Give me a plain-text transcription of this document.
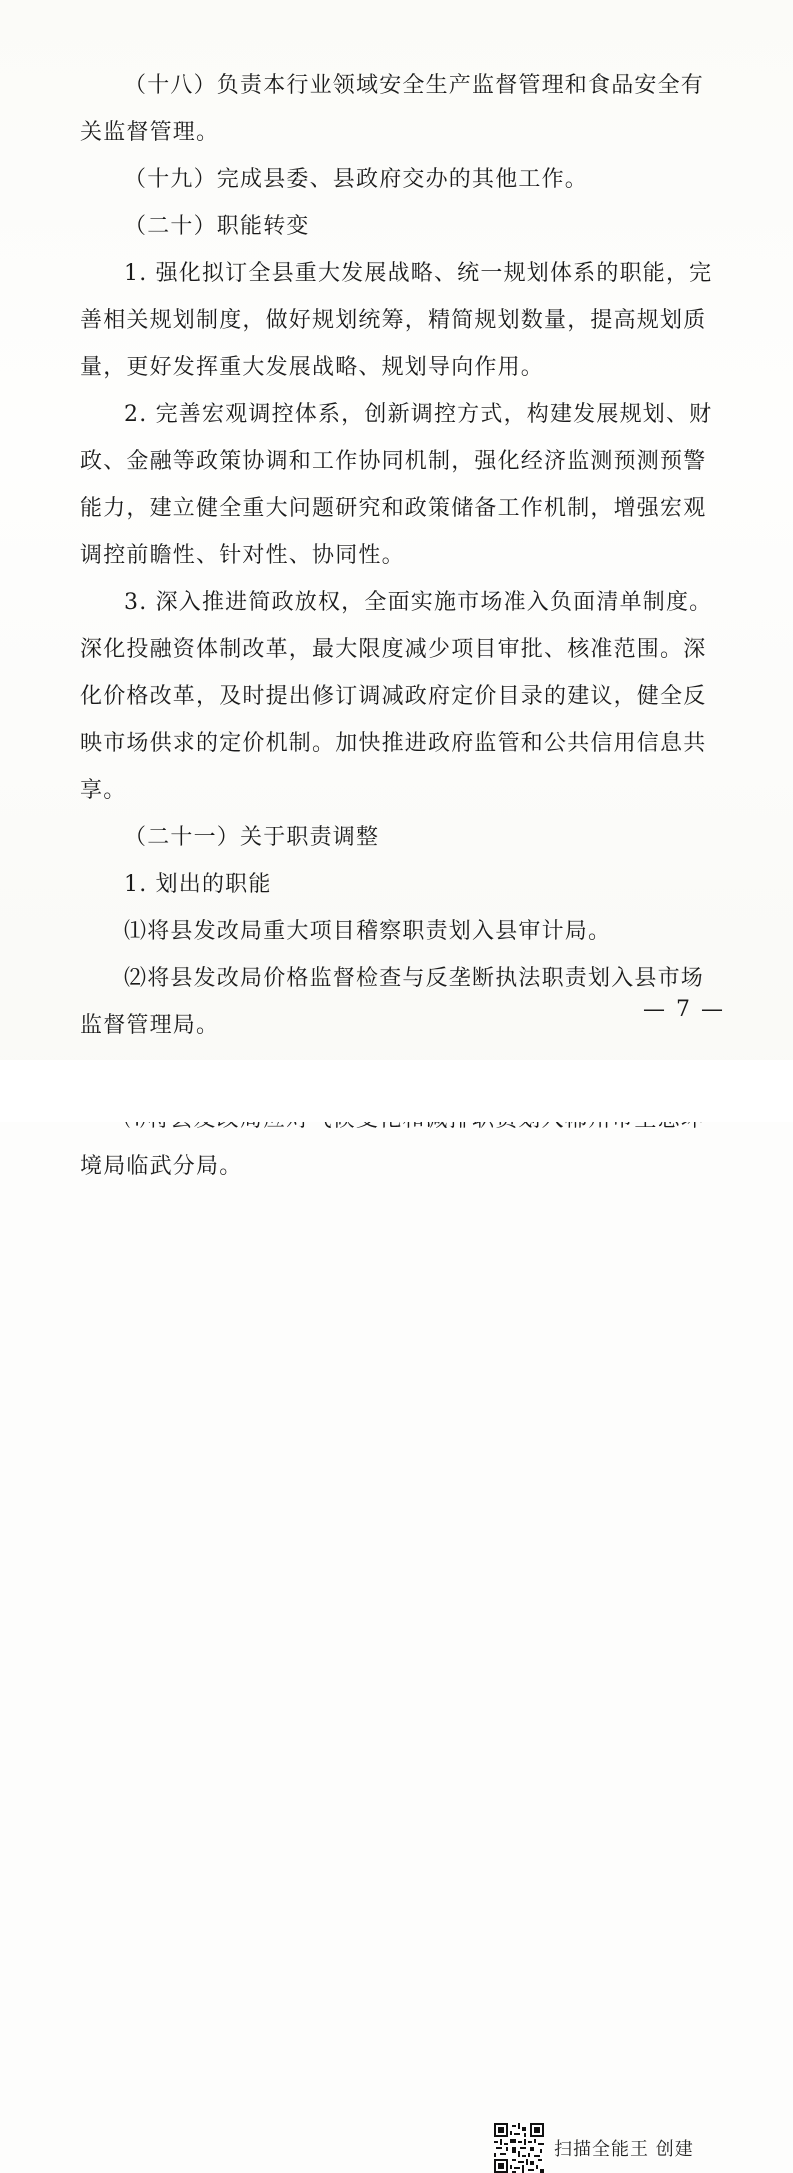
（十八）负责本行业领域安全生产监督管理和食品安全有关监督管理。

（十九）完成县委、县政府交办的其他工作。

（二十）职能转变

1. 强化拟订全县重大发展战略、统一规划体系的职能，完善相关规划制度，做好规划统筹，精简规划数量，提高规划质量，更好发挥重大发展战略、规划导向作用。

2. 完善宏观调控体系，创新调控方式，构建发展规划、财政、金融等政策协调和工作协同机制，强化经济监测预测预警能力，建立健全重大问题研究和政策储备工作机制，增强宏观调控前瞻性、针对性、协同性。

3. 深入推进简政放权，全面实施市场准入负面清单制度。深化投融资体制改革，最大限度减少项目审批、核准范围。深化价格改革，及时提出修订调减政府定价目录的建议，健全反映市场供求的定价机制。加快推进政府监管和公共信用信息共享。

（二十一）关于职责调整

1. 划出的职能

⑴将县发改局重大项目稽察职责划入县审计局。

⑵将县发改局价格监督检查与反垄断执法职责划入县市场监督管理局。

境局临武分局。

— 7 —
扫描全能王 创建
